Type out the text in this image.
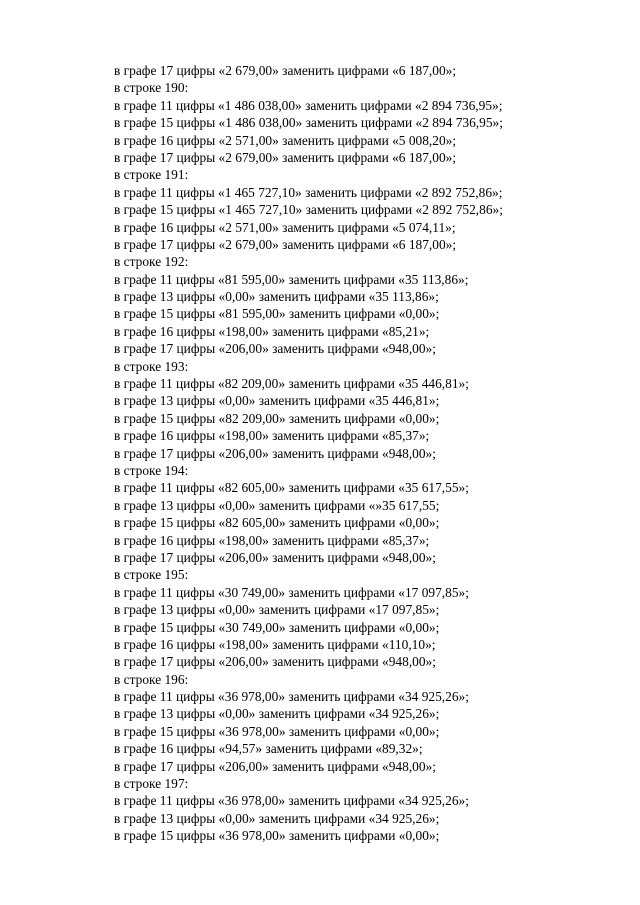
в графе 17 цифры «2 679,00» заменить цифрами «6 187,00»;
в строке 190:
в графе 11 цифры «1 486 038,00» заменить цифрами «2 894 736,95»;
в графе 15 цифры «1 486 038,00» заменить цифрами «2 894 736,95»;
в графе 16 цифры «2 571,00» заменить цифрами «5 008,20»;
в графе 17 цифры «2 679,00» заменить цифрами «6 187,00»;
в строке 191:
в графе 11 цифры «1 465 727,10» заменить цифрами «2 892 752,86»;
в графе 15 цифры «1 465 727,10» заменить цифрами «2 892 752,86»;
в графе 16 цифры «2 571,00» заменить цифрами «5 074,11»;
в графе 17 цифры «2 679,00» заменить цифрами «6 187,00»;
в строке 192:
в графе 11 цифры «81 595,00» заменить цифрами «35 113,86»;
в графе 13 цифры «0,00» заменить цифрами «35 113,86»;
в графе 15 цифры «81 595,00» заменить цифрами «0,00»;
в графе 16 цифры «198,00» заменить цифрами «85,21»;
в графе 17 цифры «206,00» заменить цифрами «948,00»;
в строке 193:
в графе 11 цифры «82 209,00» заменить цифрами «35 446,81»;
в графе 13 цифры «0,00» заменить цифрами «35 446,81»;
в графе 15 цифры «82 209,00» заменить цифрами «0,00»;
в графе 16 цифры «198,00» заменить цифрами «85,37»;
в графе 17 цифры «206,00» заменить цифрами «948,00»;
в строке 194:
в графе 11 цифры «82 605,00» заменить цифрами «35 617,55»;
в графе 13 цифры «0,00» заменить цифрами «»35 617,55;
в графе 15 цифры «82 605,00» заменить цифрами «0,00»;
в графе 16 цифры «198,00» заменить цифрами «85,37»;
в графе 17 цифры «206,00» заменить цифрами «948,00»;
в строке 195:
в графе 11 цифры «30 749,00» заменить цифрами «17 097,85»;
в графе 13 цифры «0,00» заменить цифрами «17 097,85»;
в графе 15 цифры «30 749,00» заменить цифрами «0,00»;
в графе 16 цифры «198,00» заменить цифрами «110,10»;
в графе 17 цифры «206,00» заменить цифрами «948,00»;
в строке 196:
в графе 11 цифры «36 978,00» заменить цифрами «34 925,26»;
в графе 13 цифры «0,00» заменить цифрами «34 925,26»;
в графе 15 цифры «36 978,00» заменить цифрами «0,00»;
в графе 16 цифры «94,57» заменить цифрами «89,32»;
в графе 17 цифры «206,00» заменить цифрами «948,00»;
в строке 197:
в графе 11 цифры «36 978,00» заменить цифрами «34 925,26»;
в графе 13 цифры «0,00» заменить цифрами «34 925,26»;
в графе 15 цифры «36 978,00» заменить цифрами «0,00»;
